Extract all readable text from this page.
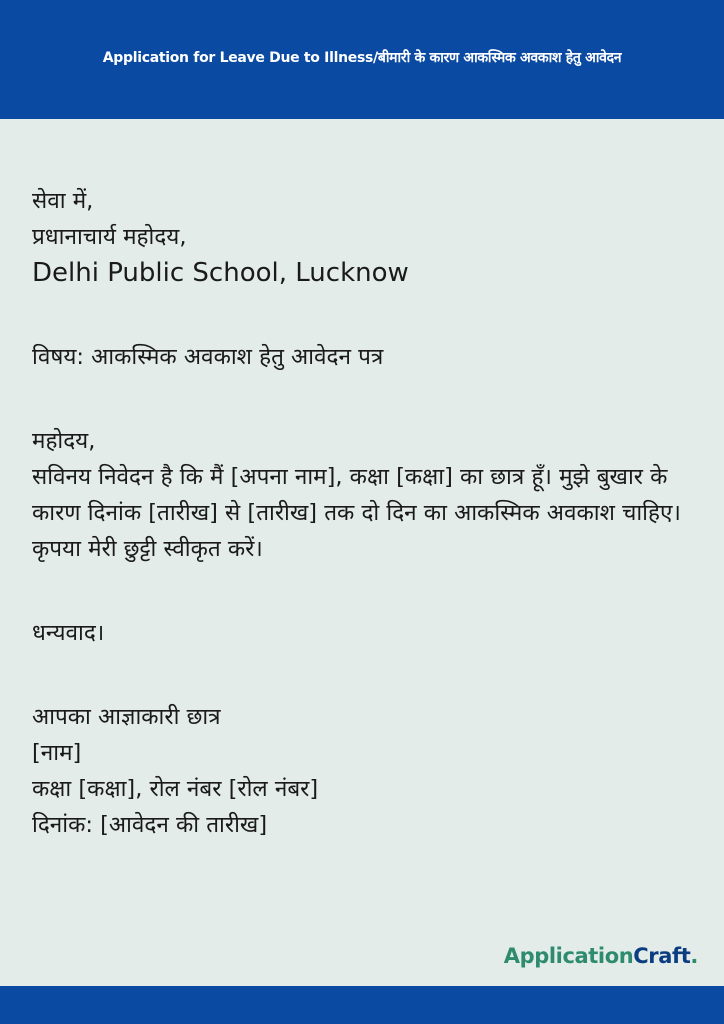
Application for Leave Due to Illness/बीमारी के कारण आकस्मिक अवकाश हेतु आवेदन
सेवा में,
प्रधानाचार्य महोदय,
Delhi Public School, Lucknow
विषय: आकस्मिक अवकाश हेतु आवेदन पत्र
महोदय,
सविनय निवेदन है कि मैं [अपना नाम], कक्षा [कक्षा] का छात्र हूँ। मुझे बुखार के कारण दिनांक [तारीख] से [तारीख] तक दो दिन का आकस्मिक अवकाश चाहिए। कृपया मेरी छुट्टी स्वीकृत करें।
धन्यवाद।
आपका आज्ञाकारी छात्र
[नाम]
कक्षा [कक्षा], रोल नंबर [रोल नंबर]
दिनांक: [आवेदन की तारीख]
ApplicationCraft.
